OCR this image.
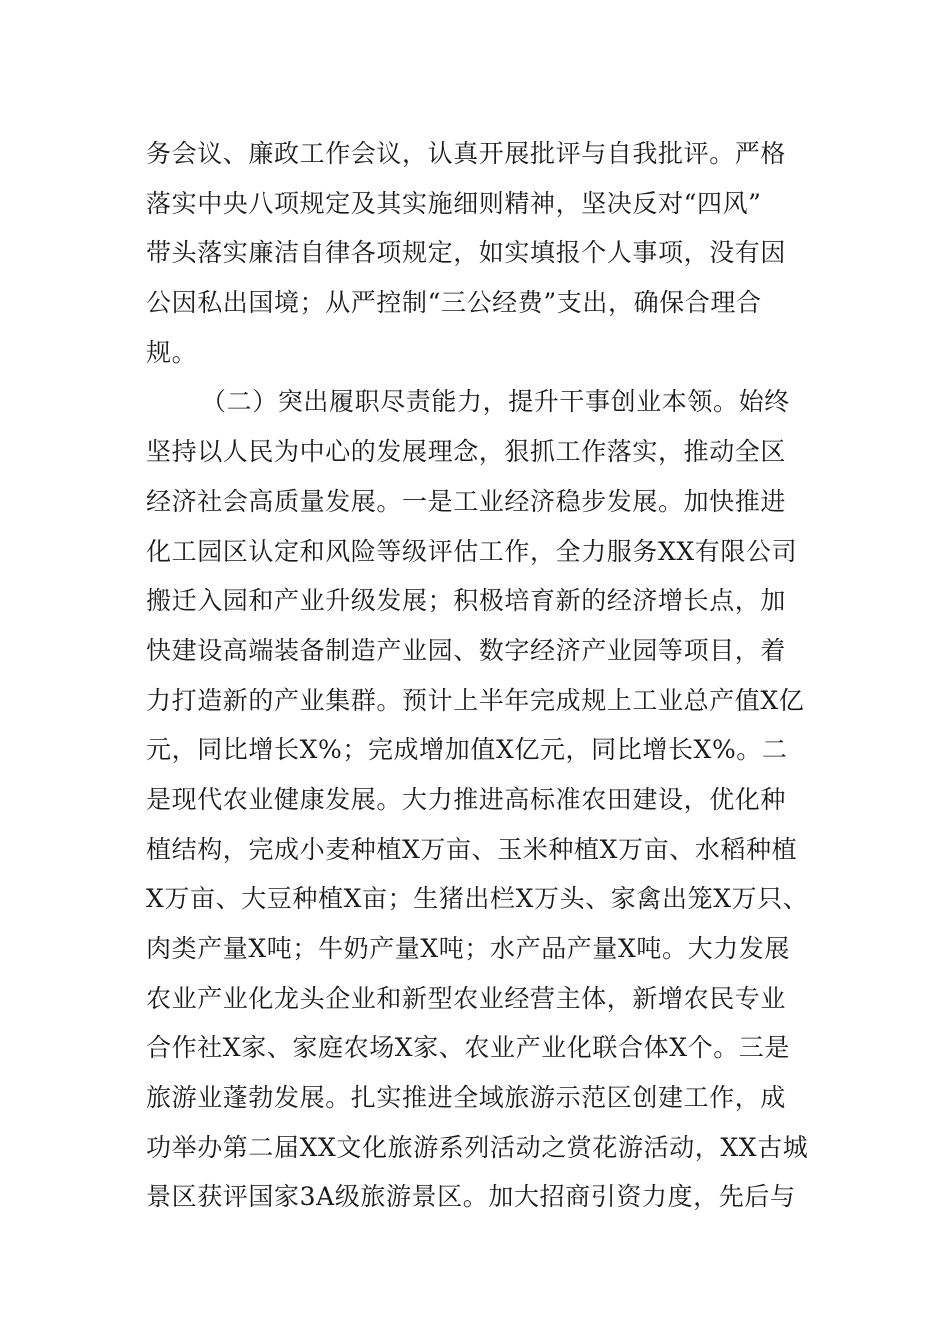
务会议、廉政工作会议，认真开展批评与自我批评。严格
落实中央八项规定及其实施细则精神，坚决反对“四风”
带头落实廉洁自律各项规定，如实填报个人事项，没有因
公因私出国境；从严控制“三公经费”支出，确保合理合
规。
（二）突出履职尽责能力，提升干事创业本领。始终
坚持以人民为中心的发展理念，狠抓工作落实，推动全区
经济社会高质量发展。一是工业经济稳步发展。加快推进
化工园区认定和风险等级评估工作，全力服务XX有限公司
搬迁入园和产业升级发展；积极培育新的经济增长点，加
快建设高端装备制造产业园、数字经济产业园等项目，着
力打造新的产业集群。预计上半年完成规上工业总产值X亿
元，同比增长X%；完成增加值X亿元，同比增长X%。二
是现代农业健康发展。大力推进高标准农田建设，优化种
植结构，完成小麦种植X万亩、玉米种植X万亩、水稻种植
X万亩、大豆种植X亩；生猪出栏X万头、家禽出笼X万只、
肉类产量X吨；牛奶产量X吨；水产品产量X吨。大力发展
农业产业化龙头企业和新型农业经营主体，新增农民专业
合作社X家、家庭农场X家、农业产业化联合体X个。三是
旅游业蓬勃发展。扎实推进全域旅游示范区创建工作，成
功举办第二届XX文化旅游系列活动之赏花游活动，XX古城
景区获评国家3A级旅游景区。加大招商引资力度，先后与
